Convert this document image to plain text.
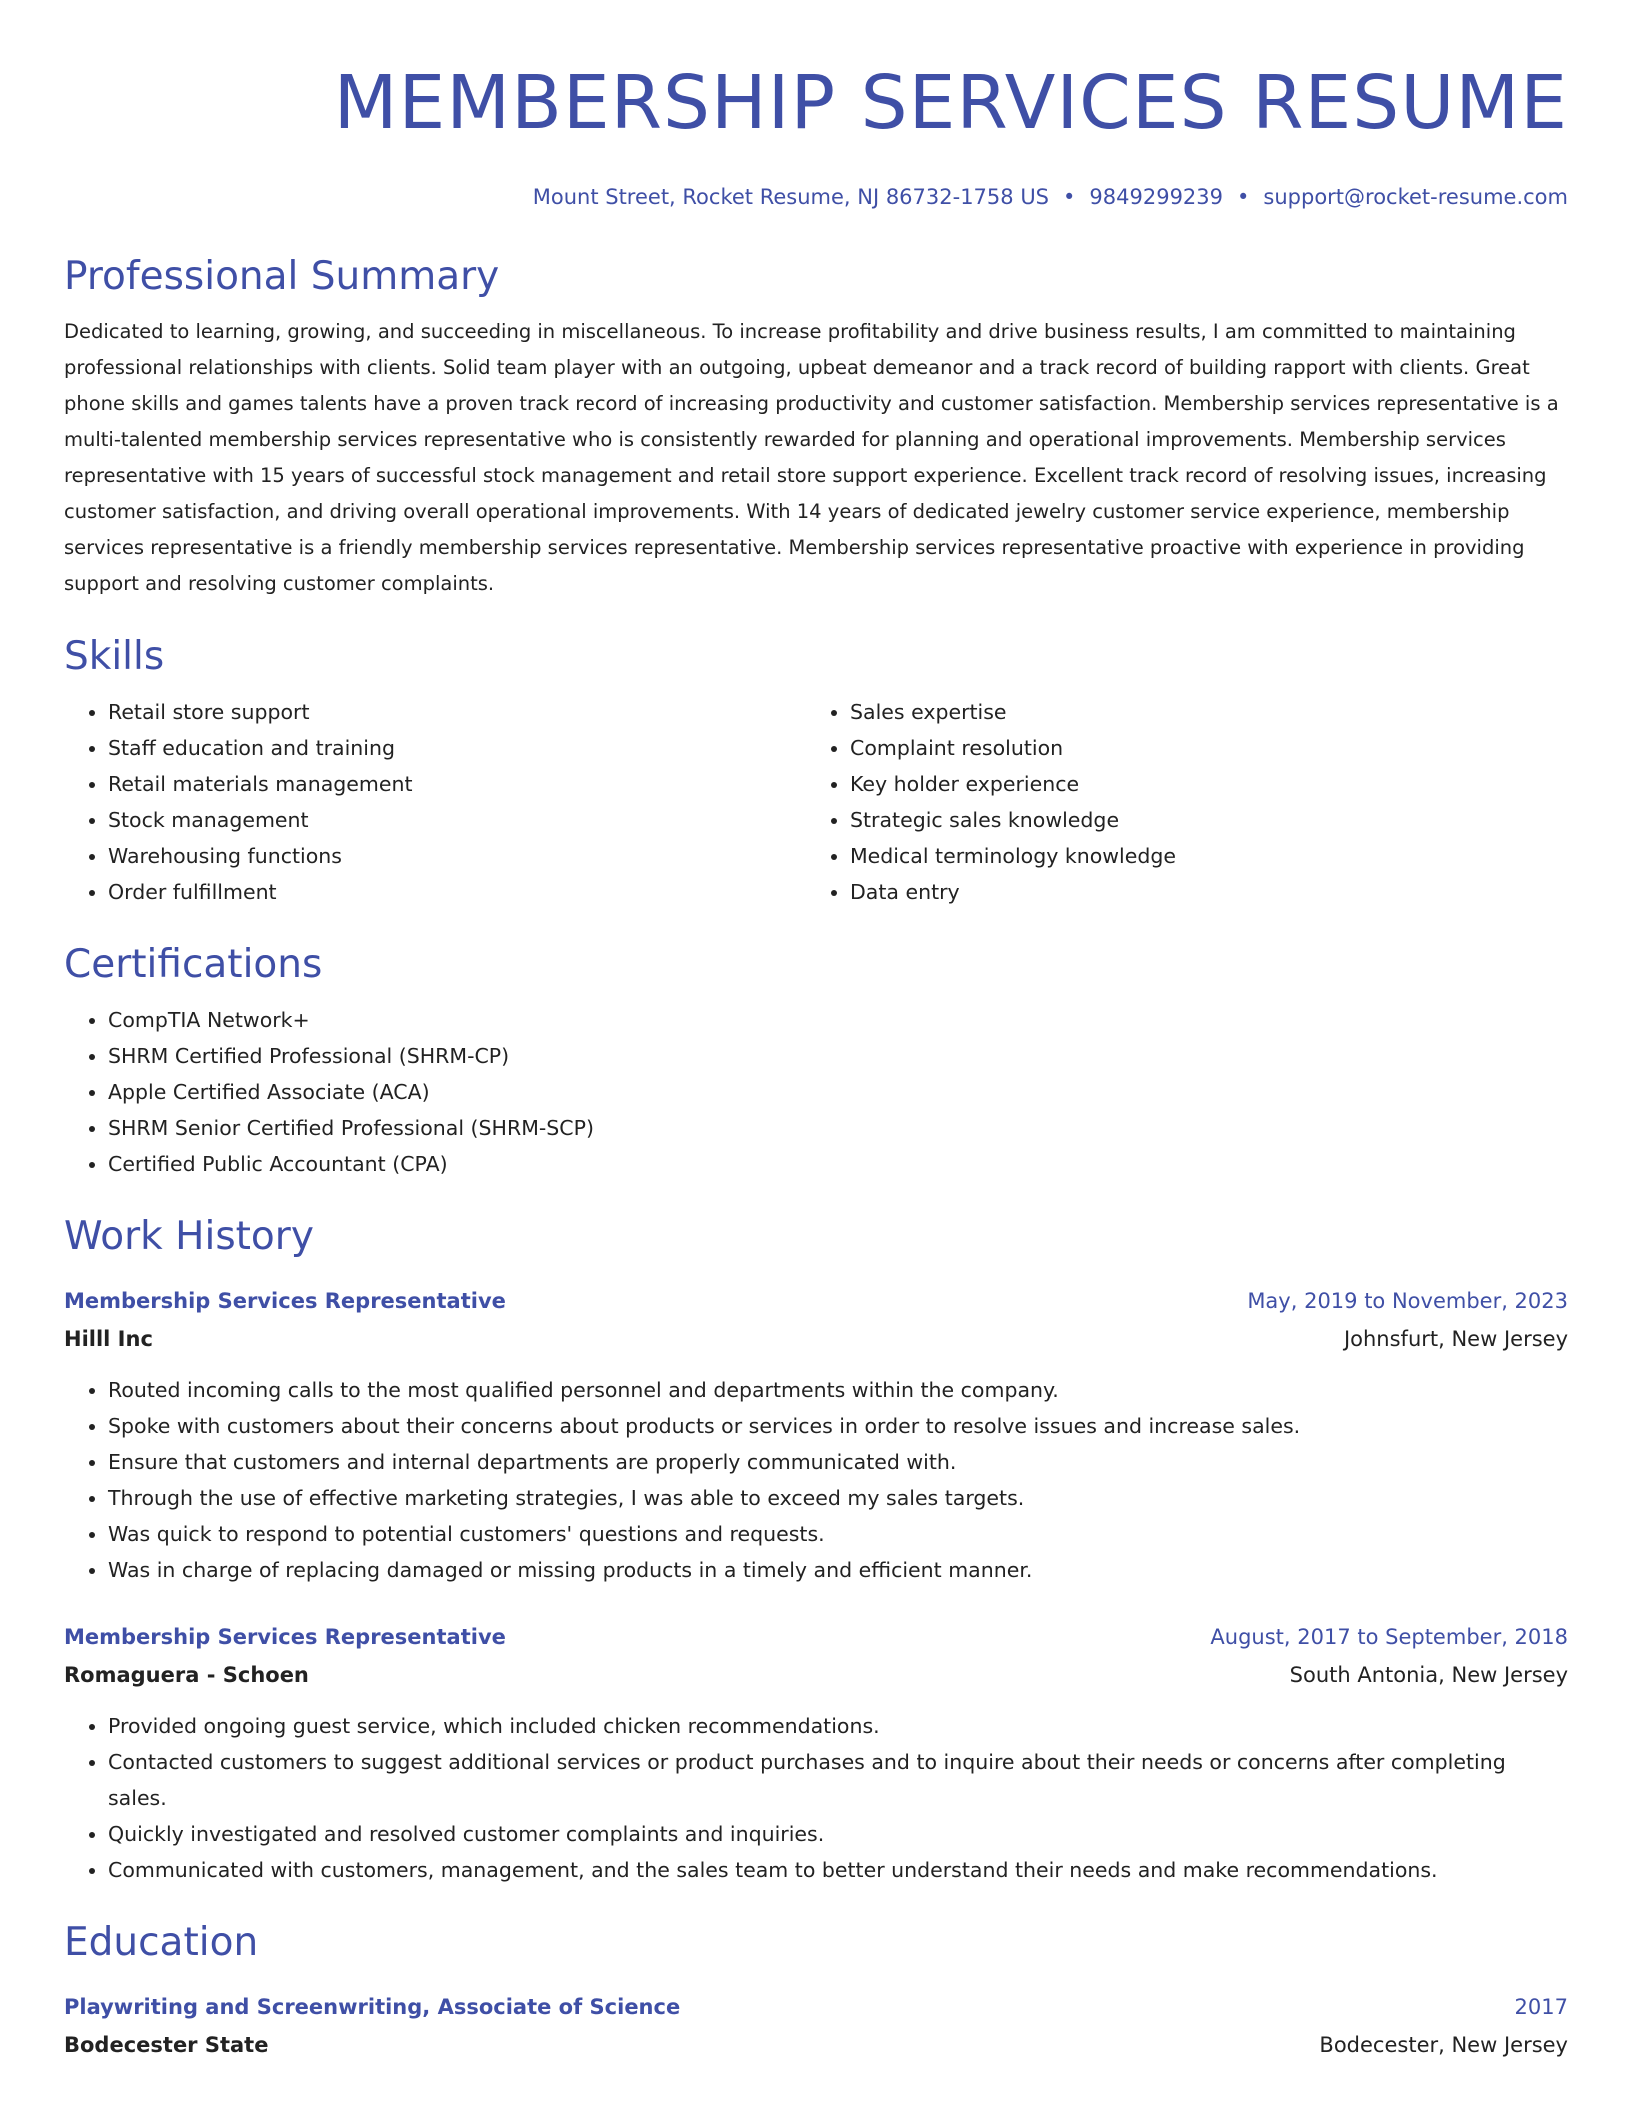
MEMBERSHIP SERVICES RESUME
Mount Street, Rocket Resume, NJ 86732-1758 US • 9849299239 • support@rocket-resume.com
Professional Summary

Dedicated to learning, growing, and succeeding in miscellaneous. To increase profitability and drive business results, I am committed to maintaining professional relationships with clients. Solid team player with an outgoing, upbeat demeanor and a track record of building rapport with clients. Great phone skills and games talents have a proven track record of increasing productivity and customer satisfaction. Membership services representative is a multi-talented membership services representative who is consistently rewarded for planning and operational improvements. Membership services representative with 15 years of successful stock management and retail store support experience. Excellent track record of resolving issues, increasing customer satisfaction, and driving overall operational improvements. With 14 years of dedicated jewelry customer service experience, membership services representative is a friendly membership services representative. Membership services representative proactive with experience in providing support and resolving customer complaints.

Skills
• Retail store support
• Staff education and training
• Retail materials management
• Stock management
• Warehousing functions
• Order fulfillment
• Sales expertise
• Complaint resolution
• Key holder experience
• Strategic sales knowledge
• Medical terminology knowledge
• Data entry
Certifications
• CompTIA Network+
• SHRM Certified Professional (SHRM-CP)
• Apple Certified Associate (ACA)
• SHRM Senior Certified Professional (SHRM-SCP)
• Certified Public Accountant (CPA)
Work History
Membership Services Representative	May, 2019 to November, 2023
Hilll Inc	Johnsfurt, New Jersey
• Routed incoming calls to the most qualified personnel and departments within the company.
• Spoke with customers about their concerns about products or services in order to resolve issues and increase sales.
• Ensure that customers and internal departments are properly communicated with.
• Through the use of effective marketing strategies, I was able to exceed my sales targets.
• Was quick to respond to potential customers' questions and requests.
• Was in charge of replacing damaged or missing products in a timely and efficient manner.
Membership Services Representative	August, 2017 to September, 2018
Romaguera - Schoen	South Antonia, New Jersey
• Provided ongoing guest service, which included chicken recommendations.
• Contacted customers to suggest additional services or product purchases and to inquire about their needs or concerns after completing sales.
• Quickly investigated and resolved customer complaints and inquiries.
• Communicated with customers, management, and the sales team to better understand their needs and make recommendations.
Education
Playwriting and Screenwriting, Associate of Science	2017
Bodecester State	Bodecester, New Jersey
